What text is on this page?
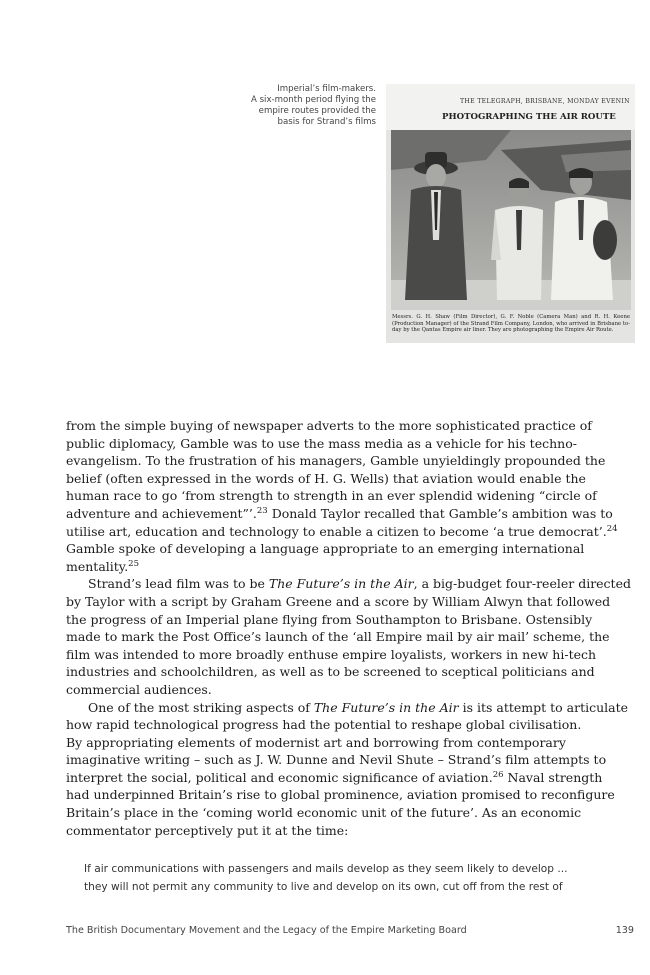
Imperial’s film-makers.
A six-month period flying the
empire routes provided the
basis for Strand’s films
THE TELEGRAPH, BRISBANE, MONDAY EVENIN
PHOTOGRAPHING THE AIR ROUTE
Messrs. G. H. Shaw (Film Director), G. F. Noble (Camera Man) and R. H. Keene (Production Manager) of the Strand Film Company, London, who arrived in Brisbane to-day by the Qantas Empire air liner. They are photographing the Empire Air Route.

from the simple buying of newspaper adverts to the more sophisticated practice of
public diplomacy, Gamble was to use the mass media as a vehicle for his techno-
evangelism. To the frustration of his managers, Gamble unyieldingly propounded the
belief (often expressed in the words of H. G. Wells) that aviation would enable the
human race to go ‘from strength to strength in an ever splendid widening “circle of
adventure and achievement”’.$^{23}$ Donald Taylor recalled that Gamble’s ambition was to
utilise art, education and technology to enable a citizen to become ‘a true democrat’.$^{24}$
Gamble spoke of developing a language appropriate to an emerging international
mentality.$^{25}$

Strand’s lead film was to be The Future’s in the Air, a big-budget four-reeler directed
by Taylor with a script by Graham Greene and a score by William Alwyn that followed
the progress of an Imperial plane flying from Southampton to Brisbane. Ostensibly
made to mark the Post Office’s launch of the ‘all Empire mail by air mail’ scheme, the
film was intended to more broadly enthuse empire loyalists, workers in new hi-tech
industries and schoolchildren, as well as to be screened to sceptical politicians and
commercial audiences.

One of the most striking aspects of The Future’s in the Air is its attempt to articulate
how rapid technological progress had the potential to reshape global civilisation.
By appropriating elements of modernist art and borrowing from contemporary
imaginative writing – such as J. W. Dunne and Nevil Shute – Strand’s film attempts to
interpret the social, political and economic significance of aviation.$^{26}$ Naval strength
had underpinned Britain’s rise to global prominence, aviation promised to reconfigure
Britain’s place in the ‘coming world economic unit of the future’. As an economic
commentator perceptively put it at the time:

If air communications with passengers and mails develop as they seem likely to develop ...
they will not permit any community to live and develop on its own, cut off from the rest of
The British Documentary Movement and the Legacy of the Empire Marketing Board	139
